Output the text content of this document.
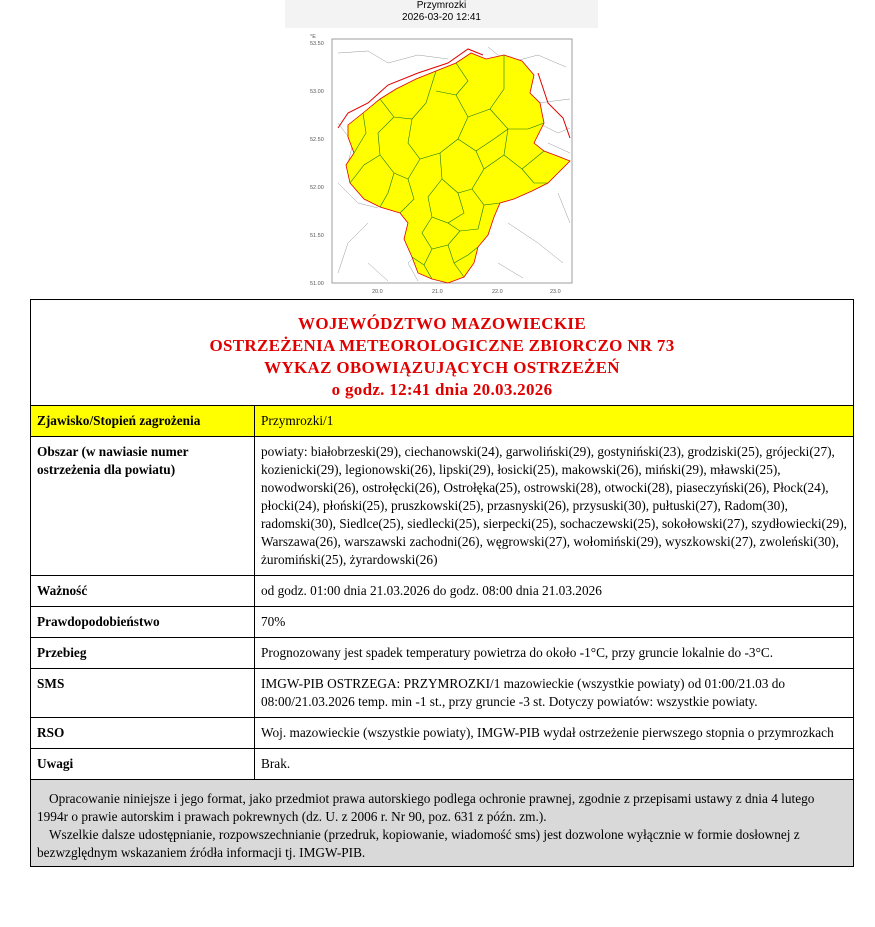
Przymrozki
2026-03-20 12:41
°E
53.50
53.00
52.50
52.00
51.50
51.00
20.0	21.0	22.0	23.0
WOJEWÓDZTWO MAZOWIECKIE
OSTRZEŻENIA METEOROLOGICZNE ZBIORCZO NR 73
WYKAZ OBOWIĄZUJĄCYCH OSTRZEŻEŃ
o godz. 12:41 dnia 20.03.2026
Zjawisko/Stopień zagrożenia	Przymrozki/1
Obszar (w nawiasie numer ostrzeżenia dla powiatu)	powiaty: białobrzeski(29), ciechanowski(24), garwoliński(29), gostyniński(23), grodziski(25), grójecki(27), kozienicki(29), legionowski(26), lipski(29), łosicki(25), makowski(26), miński(29), mławski(25), nowodworski(26), ostrołęcki(26), Ostrołęka(25), ostrowski(28), otwocki(28), piaseczyński(26), Płock(24), płocki(24), płoński(25), pruszkowski(25), przasnyski(26), przysuski(30), pułtuski(27), Radom(30), radomski(30), Siedlce(25), siedlecki(25), sierpecki(25), sochaczewski(25), sokołowski(27), szydłowiecki(29), Warszawa(26), warszawski zachodni(26), węgrowski(27), wołomiński(29), wyszkowski(27), zwoleński(30), żuromiński(25), żyrardowski(26)
Ważność	od godz. 01:00 dnia 21.03.2026 do godz. 08:00 dnia 21.03.2026
Prawdopodobieństwo	70%
Przebieg	Prognozowany jest spadek temperatury powietrza do około -1°C, przy gruncie lokalnie do -3°C.
SMS	IMGW-PIB OSTRZEGA: PRZYMROZKI/1 mazowieckie (wszystkie powiaty) od 01:00/21.03 do 08:00/21.03.2026 temp. min -1 st., przy gruncie -3 st. Dotyczy powiatów: wszystkie powiaty.
RSO	Woj. mazowieckie (wszystkie powiaty), IMGW-PIB wydał ostrzeżenie pierwszego stopnia o przymrozkach
Uwagi	Brak.

Opracowanie niniejsze i jego format, jako przedmiot prawa autorskiego podlega ochronie prawnej, zgodnie z przepisami ustawy z dnia 4 lutego 1994r o prawie autorskim i prawach pokrewnych (dz. U. z 2006 r. Nr 90, poz. 631 z późn. zm.).

Wszelkie dalsze udostępnianie, rozpowszechnianie (przedruk, kopiowanie, wiadomość sms) jest dozwolone wyłącznie w formie dosłownej z bezwzględnym wskazaniem źródła informacji tj. IMGW-PIB.
